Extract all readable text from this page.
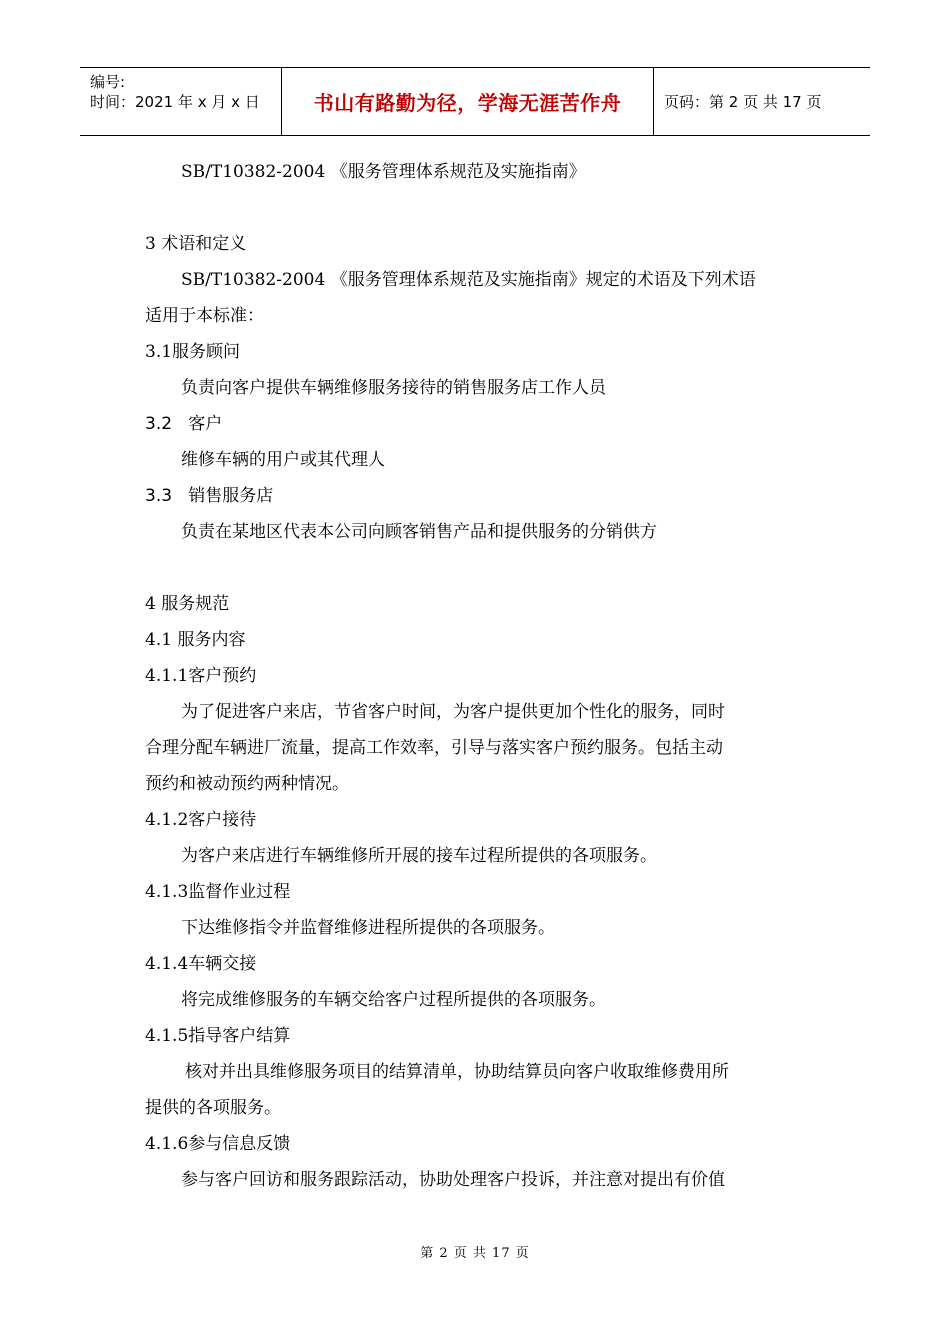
编号:
时间：2021 年 x 月 x 日	书山有路勤为径，学海无涯苦作舟	页码：第 2 页 共 17 页
SB/T10382-2004 《服务管理体系规范及实施指南》
3 术语和定义
SB/T10382-2004 《服务管理体系规范及实施指南》规定的术语及下列术语
适用于本标准：
3.1服务顾问
负责向客户提供车辆维修服务接待的销售服务店工作人员
3.2 客户
维修车辆的用户或其代理人
3.3 销售服务店
负责在某地区代表本公司向顾客销售产品和提供服务的分销供方
4 服务规范
4.1 服务内容
4.1.1客户预约
为了促进客户来店，节省客户时间，为客户提供更加个性化的服务，同时
合理分配车辆进厂流量，提高工作效率，引导与落实客户预约服务。包括主动
预约和被动预约两种情况。
4.1.2客户接待
为客户来店进行车辆维修所开展的接车过程所提供的各项服务。
4.1.3监督作业过程
下达维修指令并监督维修进程所提供的各项服务。
4.1.4车辆交接
将完成维修服务的车辆交给客户过程所提供的各项服务。
4.1.5指导客户结算
核对并出具维修服务项目的结算清单，协助结算员向客户收取维修费用所
提供的各项服务。
4.1.6参与信息反馈
参与客户回访和服务跟踪活动，协助处理客户投诉，并注意对提出有价值
第 2 页 共 17 页
